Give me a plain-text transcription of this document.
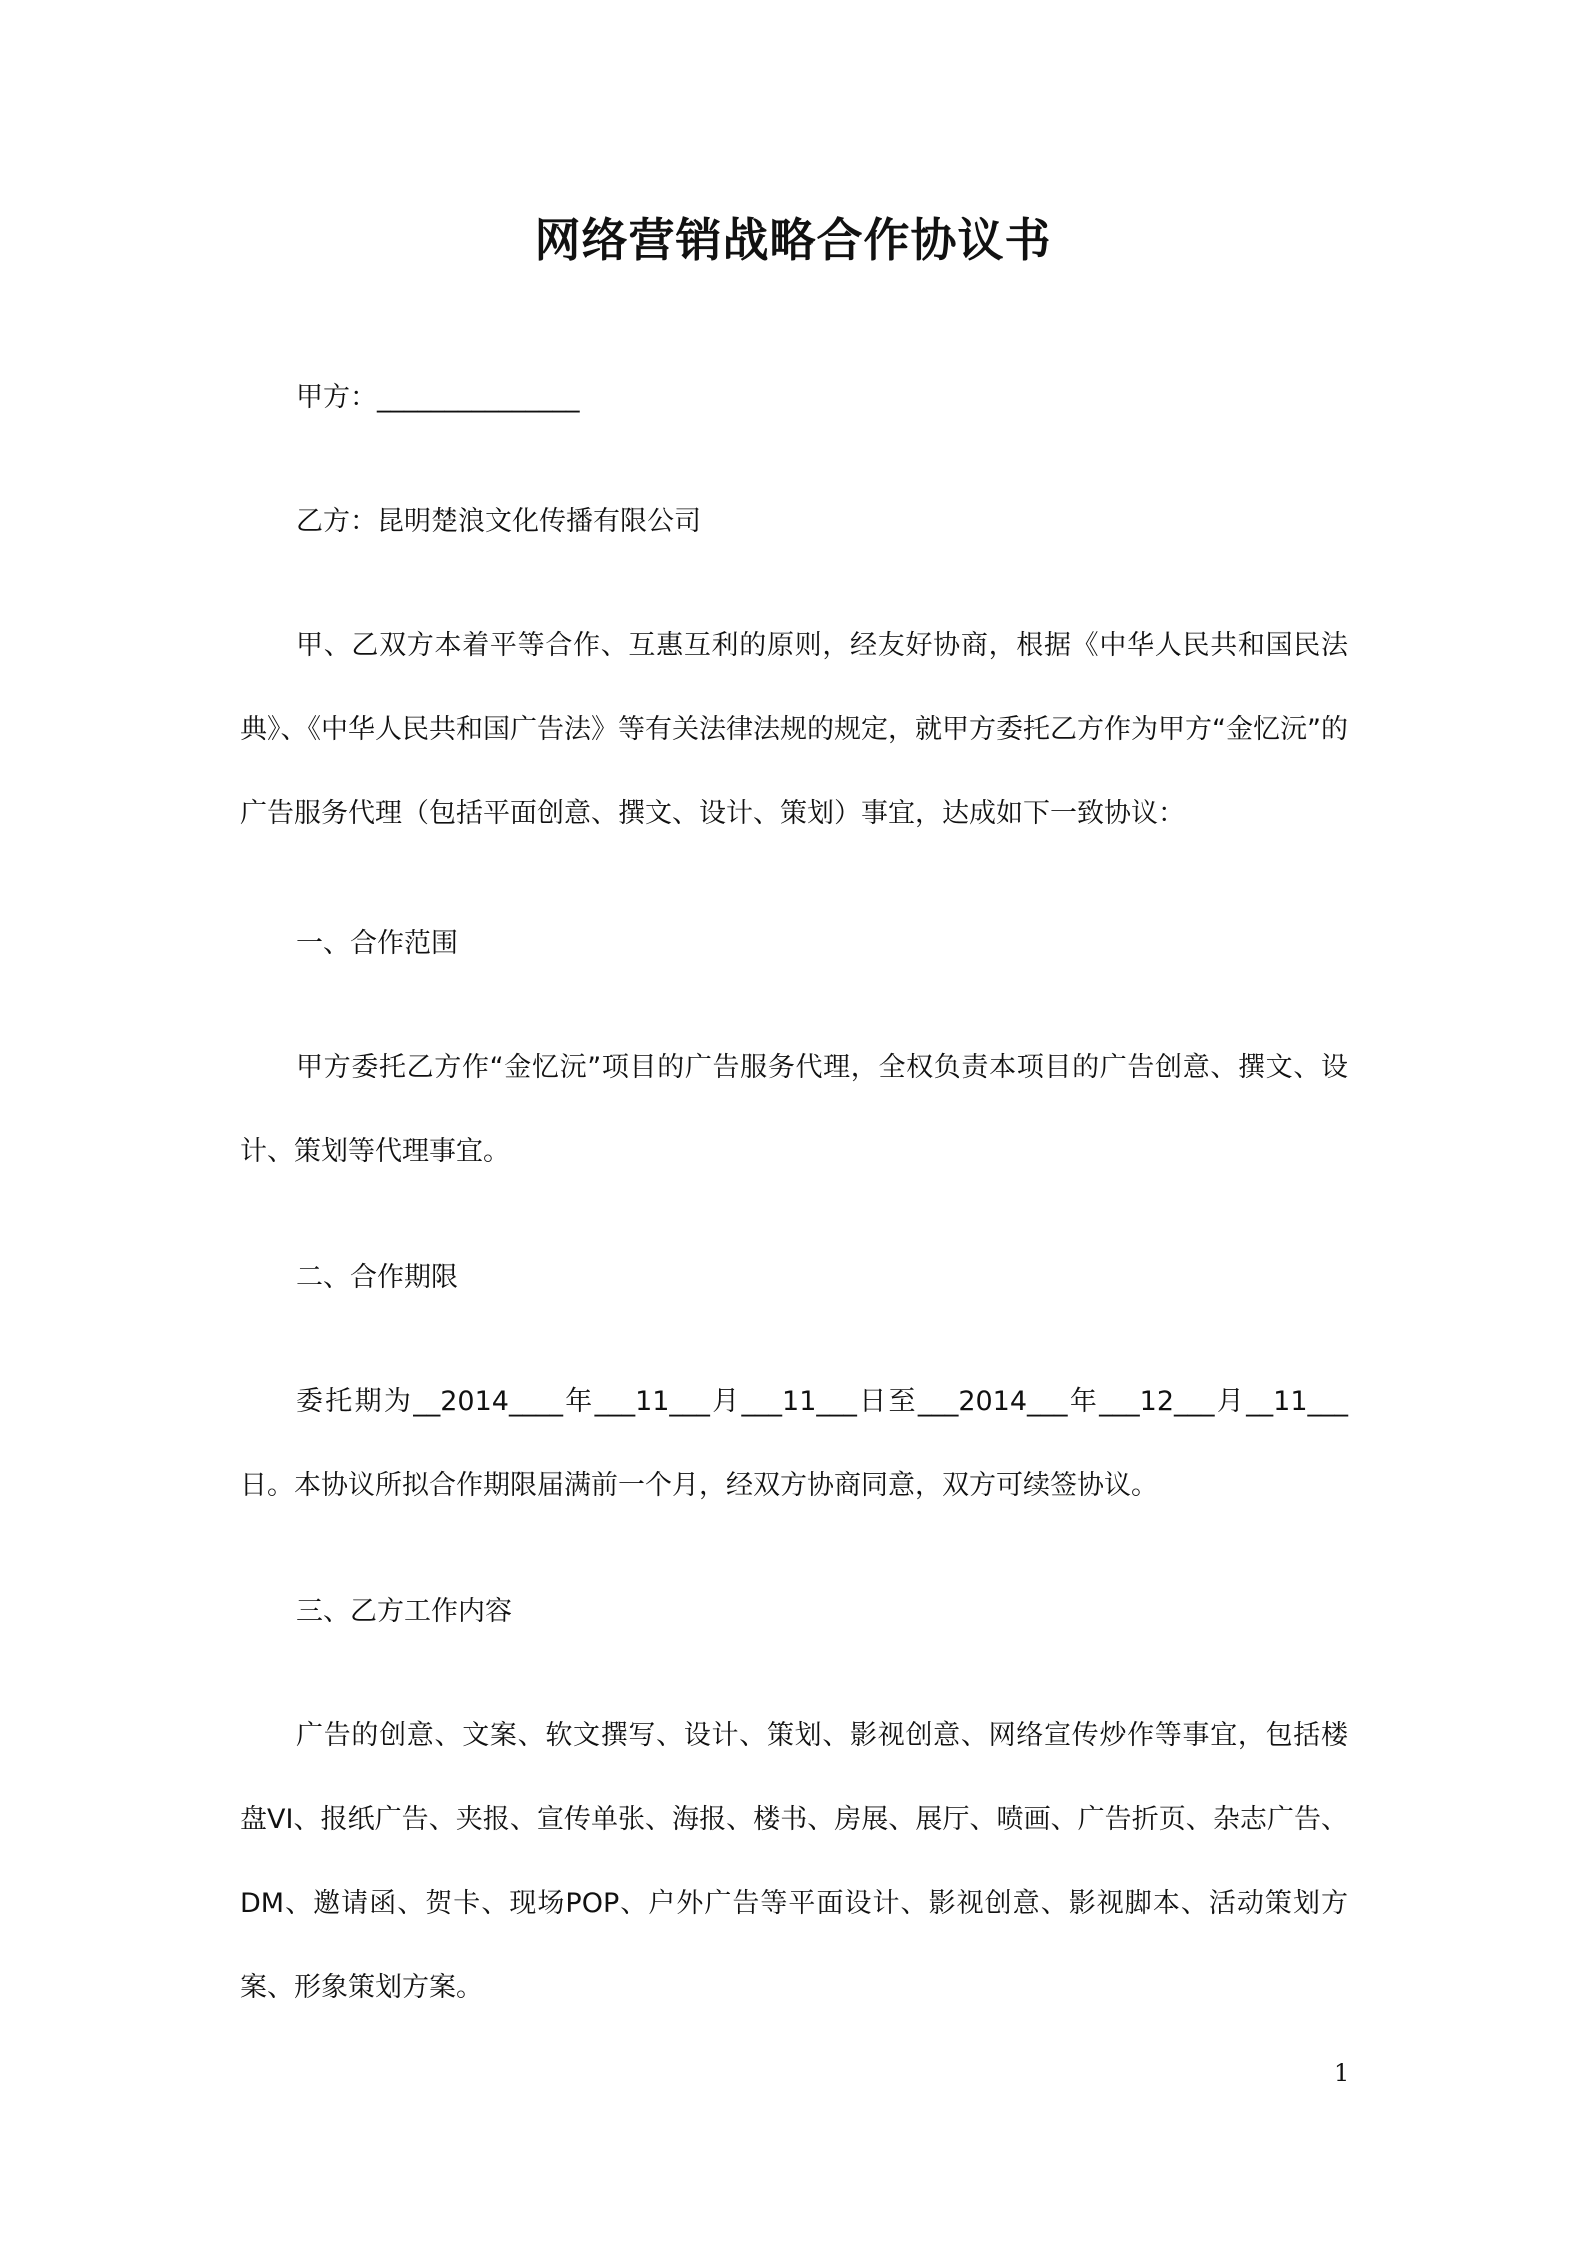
网络营销战略合作协议书

甲方：_______________

乙方：昆明楚浪文化传播有限公司

甲、乙双方本着平等合作、互惠互利的原则，经友好协商，根据《中华人民共和国民法典》、《中华人民共和国广告法》等有关法律法规的规定，就甲方委托乙方作为甲方“金忆沅”的广告服务代理（包括平面创意、撰文、设计、策划）事宜，达成如下一致协议：

一、合作范围

甲方委托乙方作“金忆沅”项目的广告服务代理，全权负责本项目的广告创意、撰文、设计、策划等代理事宜。

二、合作期限

委托期为__2014____年___11___月___11___日至___2014___年___12___月__11___日。本协议所拟合作期限届满前一个月，经双方协商同意，双方可续签协议。

三、乙方工作内容

广告的创意、文案、软文撰写、设计、策划、影视创意、网络宣传炒作等事宜，包括楼盘VI、报纸广告、夹报、宣传单张、海报、楼书、房展、展厅、喷画、广告折页、杂志广告、DM、邀请函、贺卡、现场POP、户外广告等平面设计、影视创意、影视脚本、活动策划方案、形象策划方案。

1
